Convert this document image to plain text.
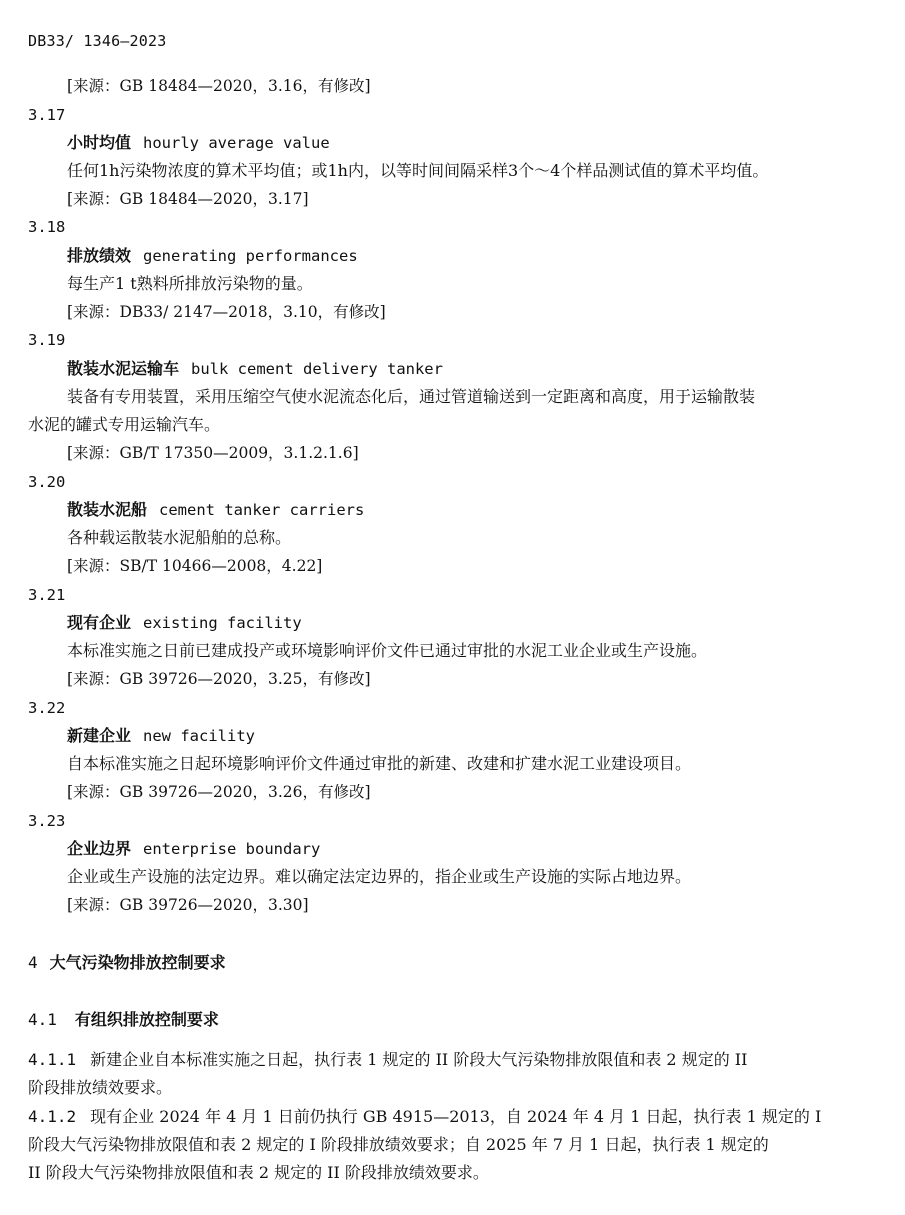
DB33/ 1346—2023
[来源：GB 18484—2020，3.16，有修改]
3.17
小时均值 hourly average value
任何1h污染物浓度的算术平均值；或1h内，以等时间间隔采样3个～4个样品测试值的算术平均值。
[来源：GB 18484—2020，3.17]
3.18
排放绩效 generating performances
每生产1 t熟料所排放污染物的量。
[来源：DB33/ 2147—2018，3.10，有修改]
3.19
散装水泥运输车 bulk cement delivery tanker
装备有专用装置，采用压缩空气使水泥流态化后，通过管道输送到一定距离和高度，用于运输散装
水泥的罐式专用运输汽车。
[来源：GB/T 17350—2009，3.1.2.1.6]
3.20
散装水泥船 cement tanker carriers
各种载运散装水泥船舶的总称。
[来源：SB/T 10466—2008，4.22]
3.21
现有企业 existing facility
本标准实施之日前已建成投产或环境影响评价文件已通过审批的水泥工业企业或生产设施。
[来源：GB 39726—2020，3.25，有修改]
3.22
新建企业 new facility
自本标准实施之日起环境影响评价文件通过审批的新建、改建和扩建水泥工业建设项目。
[来源：GB 39726—2020，3.26，有修改]
3.23
企业边界 enterprise boundary
企业或生产设施的法定边界。难以确定法定边界的，指企业或生产设施的实际占地边界。
[来源：GB 39726—2020，3.30]
4 大气污染物排放控制要求
4.1 有组织排放控制要求
4.1.1 新建企业自本标准实施之日起，执行表 1 规定的 II 阶段大气污染物排放限值和表 2 规定的 II
阶段排放绩效要求。
4.1.2 现有企业 2024 年 4 月 1 日前仍执行 GB 4915—2013，自 2024 年 4 月 1 日起，执行表 1 规定的 I
阶段大气污染物排放限值和表 2 规定的 I 阶段排放绩效要求；自 2025 年 7 月 1 日起，执行表 1 规定的
II 阶段大气污染物排放限值和表 2 规定的 II 阶段排放绩效要求。
